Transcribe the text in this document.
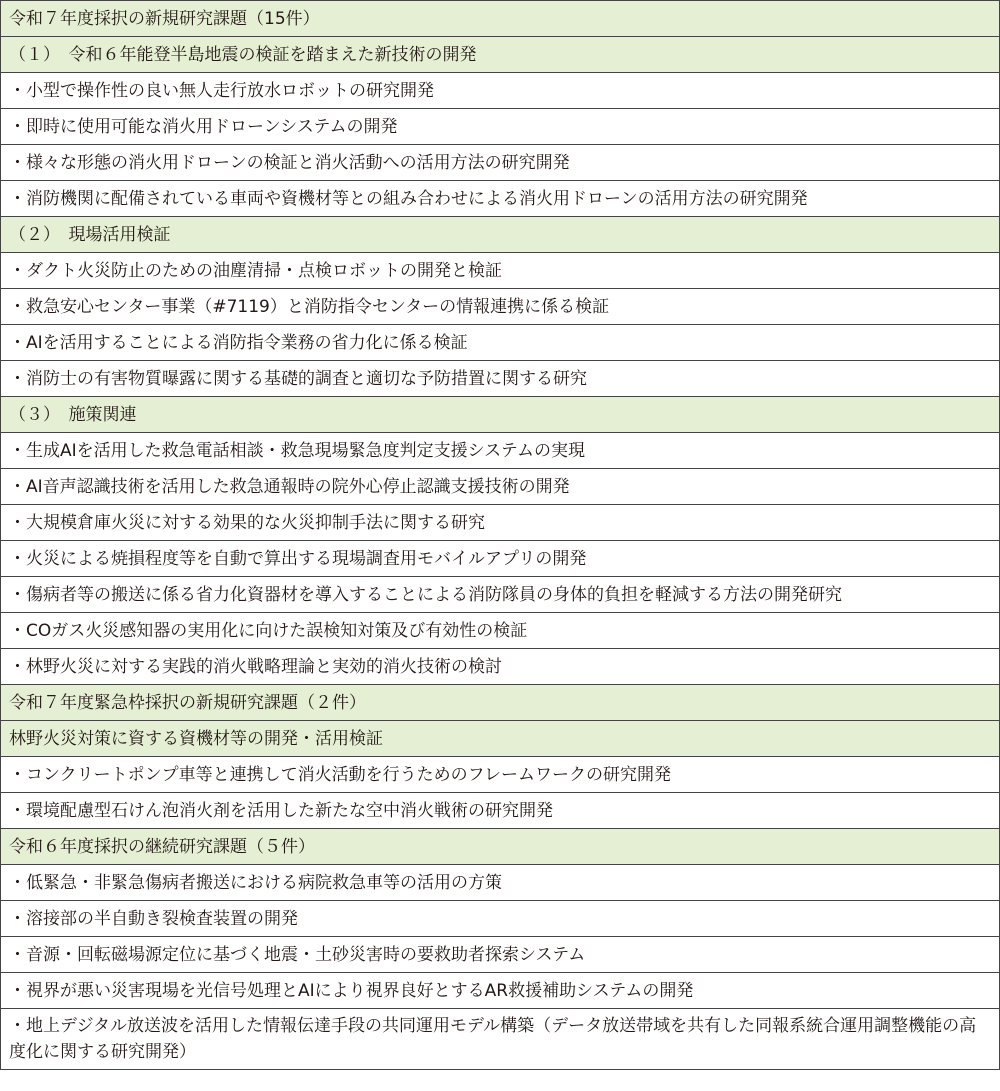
令和７年度採択の新規研究課題（15件）
（１）　令和６年能登半島地震の検証を踏まえた新技術の開発
・小型で操作性の良い無人走行放水ロボットの研究開発
・即時に使用可能な消火用ドローンシステムの開発
・様々な形態の消火用ドローンの検証と消火活動への活用方法の研究開発
・消防機関に配備されている車両や資機材等との組み合わせによる消火用ドローンの活用方法の研究開発
（２）　現場活用検証
・ダクト火災防止のための油塵清掃・点検ロボットの開発と検証
・救急安心センター事業（#7119）と消防指令センターの情報連携に係る検証
・AIを活用することによる消防指令業務の省力化に係る検証
・消防士の有害物質曝露に関する基礎的調査と適切な予防措置に関する研究
（３）　施策関連
・生成AIを活用した救急電話相談・救急現場緊急度判定支援システムの実現
・AI音声認識技術を活用した救急通報時の院外心停止認識支援技術の開発
・大規模倉庫火災に対する効果的な火災抑制手法に関する研究
・火災による焼損程度等を自動で算出する現場調査用モバイルアプリの開発
・傷病者等の搬送に係る省力化資器材を導入することによる消防隊員の身体的負担を軽減する方法の開発研究
・COガス火災感知器の実用化に向けた誤検知対策及び有効性の検証
・林野火災に対する実践的消火戦略理論と実効的消火技術の検討
令和７年度緊急枠採択の新規研究課題（２件）
林野火災対策に資する資機材等の開発・活用検証
・コンクリートポンプ車等と連携して消火活動を行うためのフレームワークの研究開発
・環境配慮型石けん泡消火剤を活用した新たな空中消火戦術の研究開発
令和６年度採択の継続研究課題（５件）
・低緊急・非緊急傷病者搬送における病院救急車等の活用の方策
・溶接部の半自動き裂検査装置の開発
・音源・回転磁場源定位に基づく地震・土砂災害時の要救助者探索システム
・視界が悪い災害現場を光信号処理とAIにより視界良好とするAR救援補助システムの開発
・地上デジタル放送波を活用した情報伝達手段の共同運用モデル構築（データ放送帯域を共有した同報系統合運用調整機能の高度化に関する研究開発）
